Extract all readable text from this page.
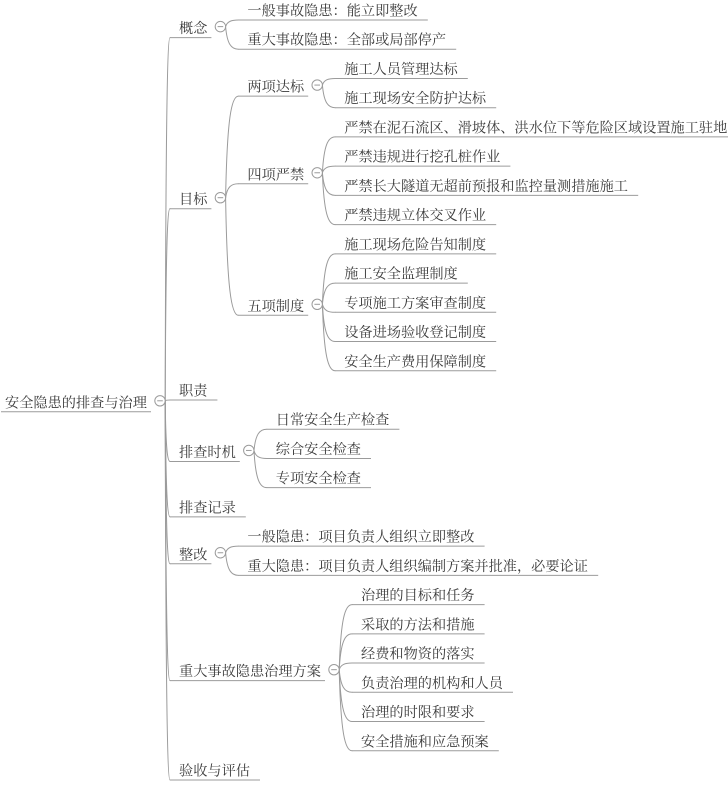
安全隐患的排查与治理
概念
一般事故隐患：能立即整改
重大事故隐患：全部或局部停产
目标
两项达标
施工人员管理达标
施工现场安全防护达标
四项严禁
严禁在泥石流区、滑坡体、洪水位下等危险区域设置施工驻地
严禁违规进行挖孔桩作业
严禁长大隧道无超前预报和监控量测措施施工
严禁违规立体交叉作业
五项制度
施工现场危险告知制度
施工安全监理制度
专项施工方案审查制度
设备进场验收登记制度
安全生产费用保障制度
职责
排查时机
日常安全生产检查
综合安全检查
专项安全检查
排查记录
整改
一般隐患：项目负责人组织立即整改
重大隐患：项目负责人组织编制方案并批准，必要论证
重大事故隐患治理方案
治理的目标和任务
采取的方法和措施
经费和物资的落实
负责治理的机构和人员
治理的时限和要求
安全措施和应急预案
验收与评估
